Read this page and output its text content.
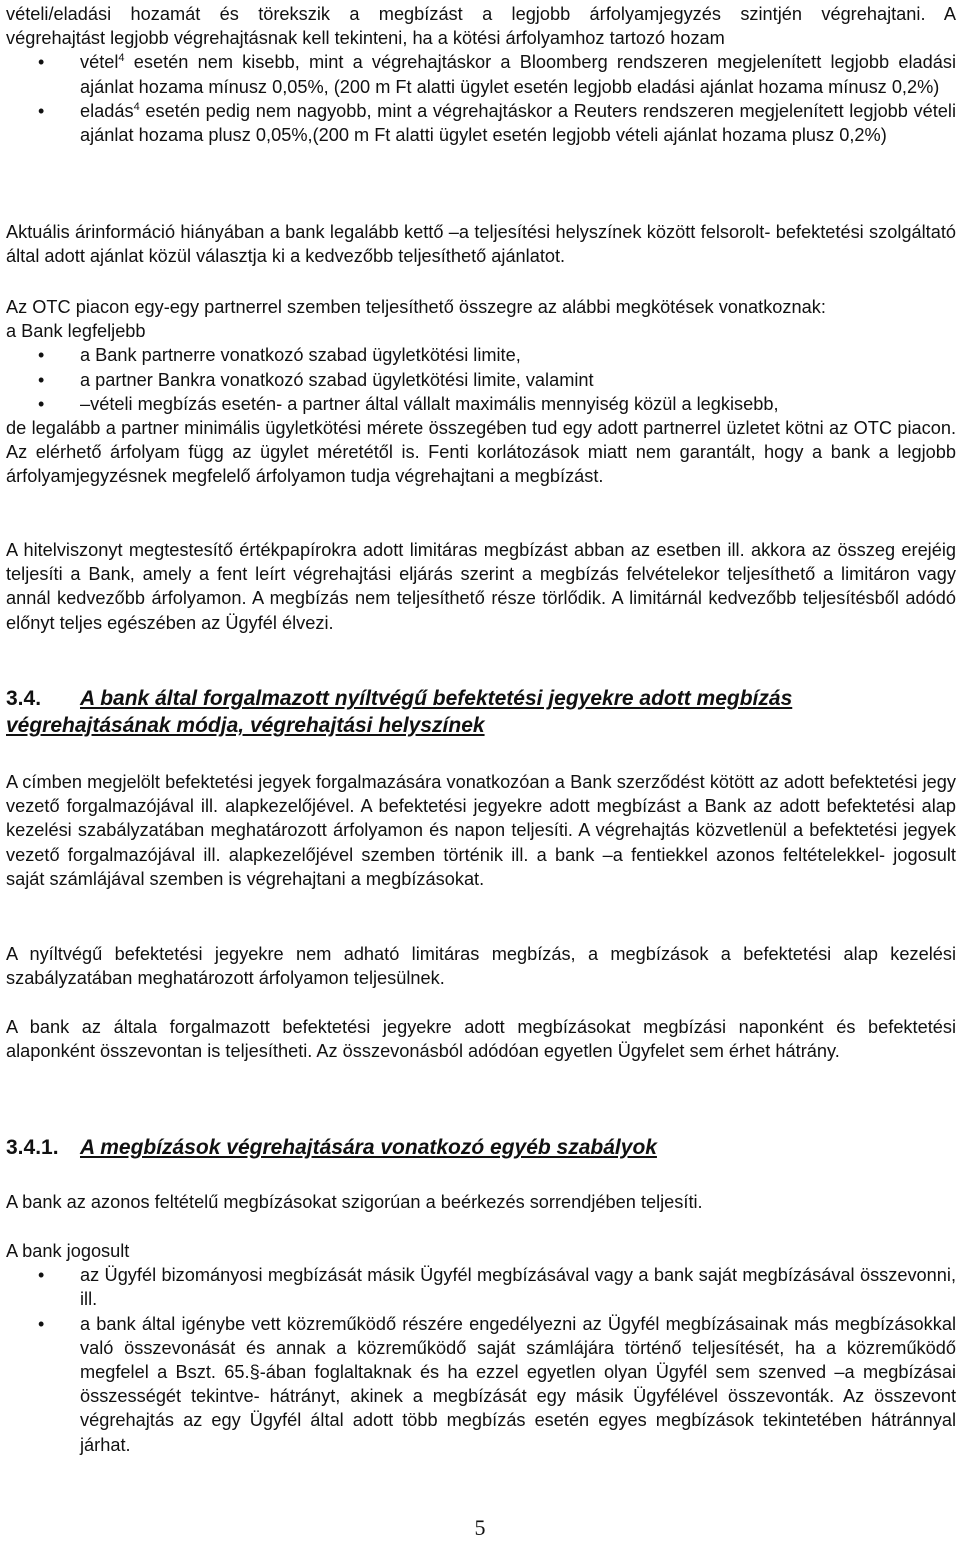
vételi/eladási hozamát és törekszik a megbízást a legjobb árfolyamjegyzés szintjén végrehajtani. A

végrehajtást legjobb végrehajtásnak kell tekinteni, ha a kötési árfolyamhoz tartozó hozam

• vétel$^4$ esetén nem kisebb, mint a végrehajtáskor a Bloomberg rendszeren megjelenített legjobb eladási ajánlat hozama mínusz 0,05%, (200 m Ft alatti ügylet esetén legjobb eladási ajánlat hozama mínusz 0,2%)
• eladás$^4$ esetén pedig nem nagyobb, mint a végrehajtáskor a Reuters rendszeren megjelenített legjobb vételi ajánlat hozama plusz 0,05%,(200 m Ft alatti ügylet esetén legjobb vételi ajánlat hozama plusz 0,2%)

Aktuális árinformáció hiányában a bank legalább kettő –a teljesítési helyszínek között felsorolt- befektetési szolgáltató által adott ajánlat közül választja ki a kedvezőbb teljesíthető ajánlatot.

Az OTC piacon egy-egy partnerrel szemben teljesíthető összegre az alábbi megkötések vonatkoznak:

a Bank legfeljebb

• a Bank partnerre vonatkozó szabad ügyletkötési limite,
• a partner Bankra vonatkozó szabad ügyletkötési limite, valamint
• –vételi megbízás esetén- a partner által vállalt maximális mennyiség közül a legkisebb,

de legalább a partner minimális ügyletkötési mérete összegében tud egy adott partnerrel üzletet kötni az OTC piacon. Az elérhető árfolyam függ az ügylet méretétől is. Fenti korlátozások miatt nem garantált, hogy a bank a legjobb árfolyamjegyzésnek megfelelő árfolyamon tudja végrehajtani a megbízást.

A hitelviszonyt megtestesítő értékpapírokra adott limitáras megbízást abban az esetben ill. akkora az összeg erejéig teljesíti a Bank, amely a fent leírt végrehajtási eljárás szerint a megbízás felvételekor teljesíthető a limitáron vagy annál kedvezőbb árfolyamon. A megbízás nem teljesíthető része törlődik. A limitárnál kedvezőbb teljesítésből adódó előnyt teljes egészében az Ügyfél élvezi.

3.4. A bank által forgalmazott nyíltvégű befektetési jegyekre adott megbízás
végrehajtásának módja, végrehajtási helyszínek

A címben megjelölt befektetési jegyek forgalmazására vonatkozóan a Bank szerződést kötött az adott befektetési jegy vezető forgalmazójával ill. alapkezelőjével. A befektetési jegyekre adott megbízást a Bank az adott befektetési alap kezelési szabályzatában meghatározott árfolyamon és napon teljesíti. A végrehajtás közvetlenül a befektetési jegyek vezető forgalmazójával ill. alapkezelőjével szemben történik ill. a bank –a fentiekkel azonos feltételekkel- jogosult saját számlájával szemben is végrehajtani a megbízásokat.

A nyíltvégű befektetési jegyekre nem adható limitáras megbízás, a megbízások a befektetési alap kezelési szabályzatában meghatározott árfolyamon teljesülnek.

A bank az általa forgalmazott befektetési jegyekre adott megbízásokat megbízási naponként és befektetési alaponként összevontan is teljesítheti. Az összevonásból adódóan egyetlen Ügyfelet sem érhet hátrány.

3.4.1. A megbízások végrehajtására vonatkozó egyéb szabályok

A bank az azonos feltételű megbízásokat szigorúan a beérkezés sorrendjében teljesíti.

A bank jogosult

• az Ügyfél bizományosi megbízását másik Ügyfél megbízásával vagy a bank saját megbízásával összevonni, ill.
• a bank által igénybe vett közreműködő részére engedélyezni az Ügyfél megbízásainak más megbízásokkal való összevonását és annak a közreműködő saját számlájára történő teljesítését, ha a közreműködő megfelel a Bszt. 65.§-ában foglaltaknak és ha ezzel egyetlen olyan Ügyfél sem szenved –a megbízásai összességét tekintve- hátrányt, akinek a megbízását egy másik Ügyfélével összevonták. Az összevont végrehajtás az egy Ügyfél által adott több megbízás esetén egyes megbízások tekintetében hátránnyal járhat.
5
